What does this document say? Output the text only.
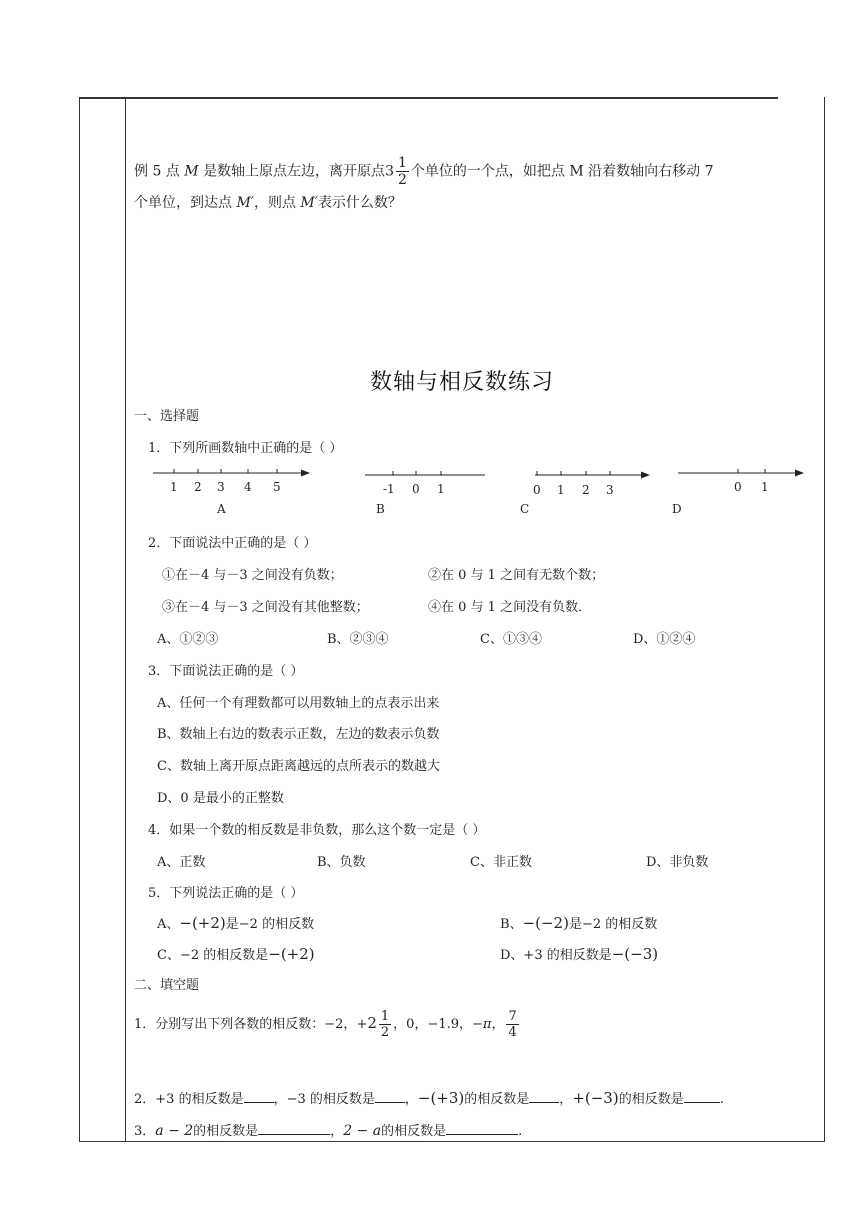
例 5 点 M 是数轴上原点左边，离开原点$3 \frac{1}{2}$ 个单位的一个点，如把点 M 沿着数轴向右移动 7
个单位，到达点 M′，则点 M′表示什么数？
数轴与相反数练习
一、选择题
1．下列所画数轴中正确的是（ ）
1 2 3 4 5
A
-1 0 1
B
0 1 2 3
C
0 1
D
2．下面说法中正确的是（ ）
①在－4 与－3 之间没有负数；	②在 0 与 1 之间有无数个数；
③在－4 与－3 之间没有其他整数；	④在 0 与 1 之间没有负数．
A、①②③	B、②③④	C、①③④	D、①②④
3．下面说法正确的是（ ）
A、任何一个有理数都可以用数轴上的点表示出来
B、数轴上右边的数表示正数，左边的数表示负数
C、数轴上离开原点距离越远的点所表示的数越大
D、0 是最小的正整数
4．如果一个数的相反数是非负数，那么这个数一定是（ ）
A、正数	B、负数	C、非正数	D、非负数
5．下列说法正确的是（ ）
A、−(+2)是−2 的相反数	B、−(−2)是−2 的相反数
C、−2 的相反数是−(+2)	D、+3 的相反数是−(−3)
二、填空题
1．分别写出下列各数的相反数：−2，$+2 \frac{1}{2}$ ，0，−1.9，−π， $\frac{7}{4}$
2．+3 的相反数是 ，−3 的相反数是 ，−(+3)的相反数是 ，+(−3)的相反数是	.
3．a − 2的相反数是	，2 − a的相反数是	.
